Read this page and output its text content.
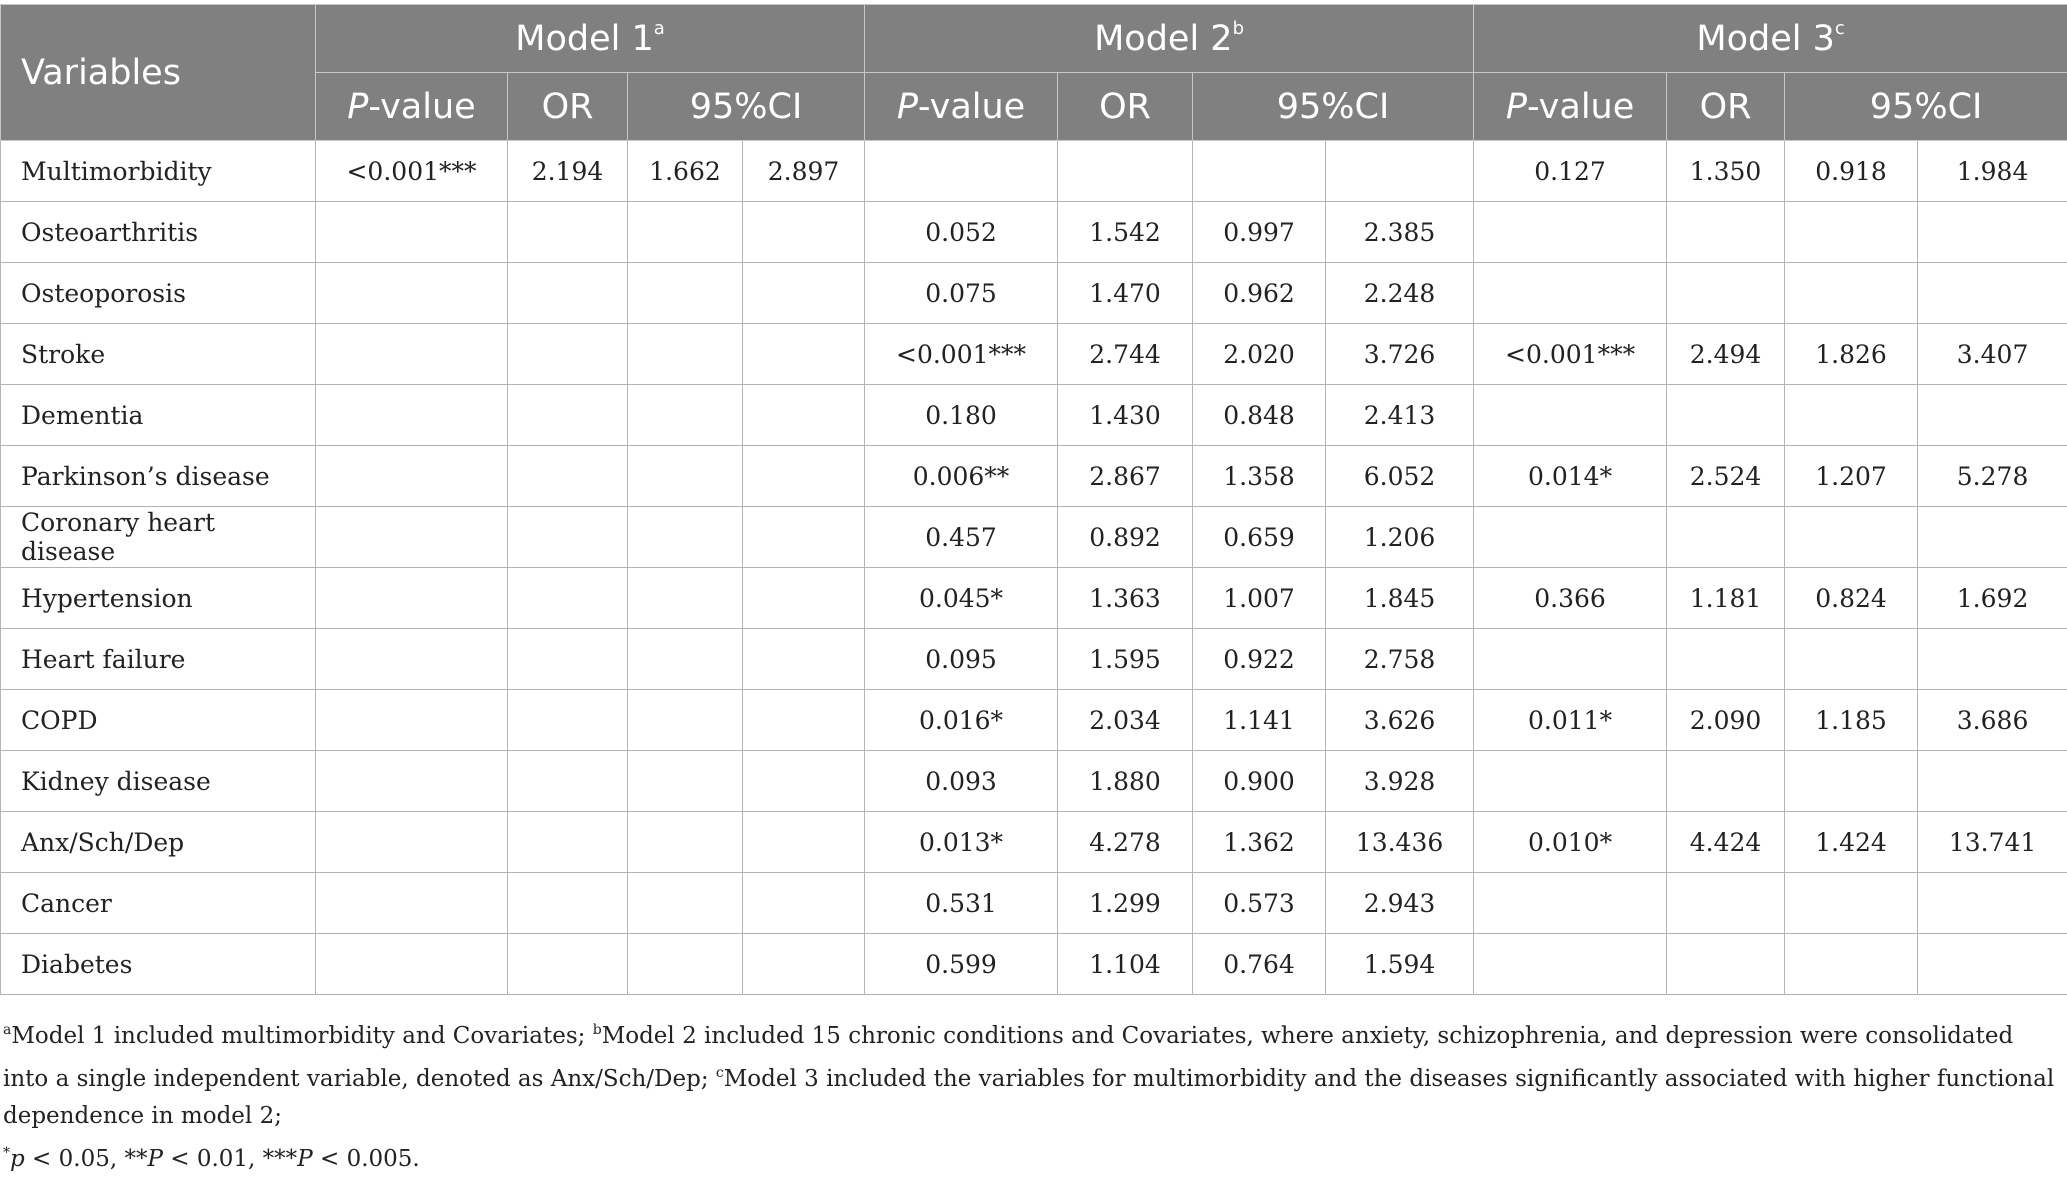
Variables	Model 1$^a$				Model 2$^b$				Model 3$^c$
	P-value	OR	95%CI		P-value	OR	95%CI		P-value	OR	95%CI	
Multimorbidity	<0.001***	2.194	1.662	2.897					0.127	1.350	0.918	1.984
Osteoarthritis					0.052	1.542	0.997	2.385				
Osteoporosis					0.075	1.470	0.962	2.248				
Stroke					<0.001***	2.744	2.020	3.726	<0.001***	2.494	1.826	3.407
Dementia					0.180	1.430	0.848	2.413				
Parkinson’s disease					0.006**	2.867	1.358	6.052	0.014*	2.524	1.207	5.278
Coronary heart disease					0.457	0.892	0.659	1.206				
Hypertension					0.045*	1.363	1.007	1.845	0.366	1.181	0.824	1.692
Heart failure					0.095	1.595	0.922	2.758				
COPD					0.016*	2.034	1.141	3.626	0.011*	2.090	1.185	3.686
Kidney disease					0.093	1.880	0.900	3.928				
Anx/Sch/Dep					0.013*	4.278	1.362	13.436	0.010*	4.424	1.424	13.741
Cancer					0.531	1.299	0.573	2.943				
Diabetes					0.599	1.104	0.764	1.594				
$^a$Model 1 included multimorbidity and Covariates; $^b$Model 2 included 15 chronic conditions and Covariates, where anxiety, schizophrenia, and depression were consolidated into a single independent variable, denoted as Anx/Sch/Dep; $^c$Model 3 included the variables for multimorbidity and the diseases significantly associated with higher functional dependence in model 2;
*p < 0.05, **P < 0.01, ***P < 0.005.
